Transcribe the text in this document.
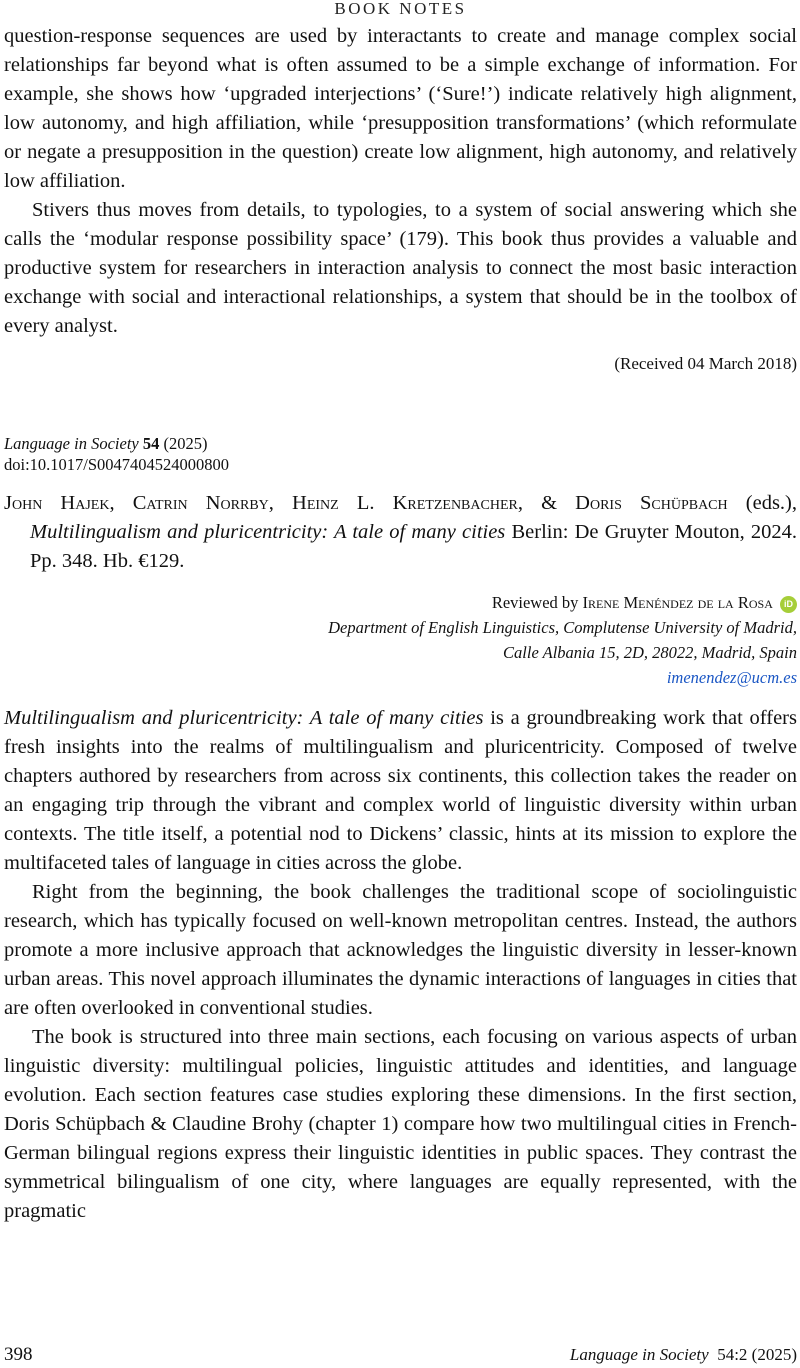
BOOK NOTES

question-response sequences are used by interactants to create and manage complex social relationships far beyond what is often assumed to be a simple exchange of information. For example, she shows how ‘upgraded interjections’ (‘Sure!’) indicate relatively high alignment, low autonomy, and high affiliation, while ‘presupposition transformations’ (which reformulate or negate a presupposition in the question) create low alignment, high autonomy, and relatively low affiliation.

Stivers thus moves from details, to typologies, to a system of social answering which she calls the ‘modular response possibility space’ (179). This book thus provides a valuable and productive system for researchers in interaction analysis to connect the most basic interaction exchange with social and interactional relationships, a system that should be in the toolbox of every analyst.

(Received 04 March 2018)
Language in Society 54 (2025)
doi:10.1017/S0047404524000800
John Hajek, Catrin Norrby, Heinz L. Kretzenbacher, & Doris Schüpbach (eds.), Multilingualism and pluricentricity: A tale of many cities Berlin: De Gruyter Mouton, 2024. Pp. 348. Hb. €129.
Reviewed by Irene Menéndez de la Rosa iD
Department of English Linguistics, Complutense University of Madrid,
Calle Albania 15, 2D, 28022, Madrid, Spain
imenendez@ucm.es

Multilingualism and pluricentricity: A tale of many cities is a groundbreaking work that offers fresh insights into the realms of multilingualism and pluricentricity. Composed of twelve chapters authored by researchers from across six continents, this collection takes the reader on an engaging trip through the vibrant and complex world of linguistic diversity within urban contexts. The title itself, a potential nod to Dickens’ classic, hints at its mission to explore the multifaceted tales of language in cities across the globe.

Right from the beginning, the book challenges the traditional scope of sociolinguistic research, which has typically focused on well-known metropolitan centres. Instead, the authors promote a more inclusive approach that acknowledges the linguistic diversity in lesser-known urban areas. This novel approach illuminates the dynamic interactions of languages in cities that are often overlooked in conventional studies.

The book is structured into three main sections, each focusing on various aspects of urban linguistic diversity: multilingual policies, linguistic attitudes and identities, and language evolution. Each section features case studies exploring these dimensions. In the first section, Doris Schüpbach & Claudine Brohy (chapter 1) compare how two multilingual cities in French-German bilingual regions express their linguistic identities in public spaces. They contrast the symmetrical bilingualism of one city, where languages are equally represented, with the pragmatic

398	Language in Society 54:2 (2025)
